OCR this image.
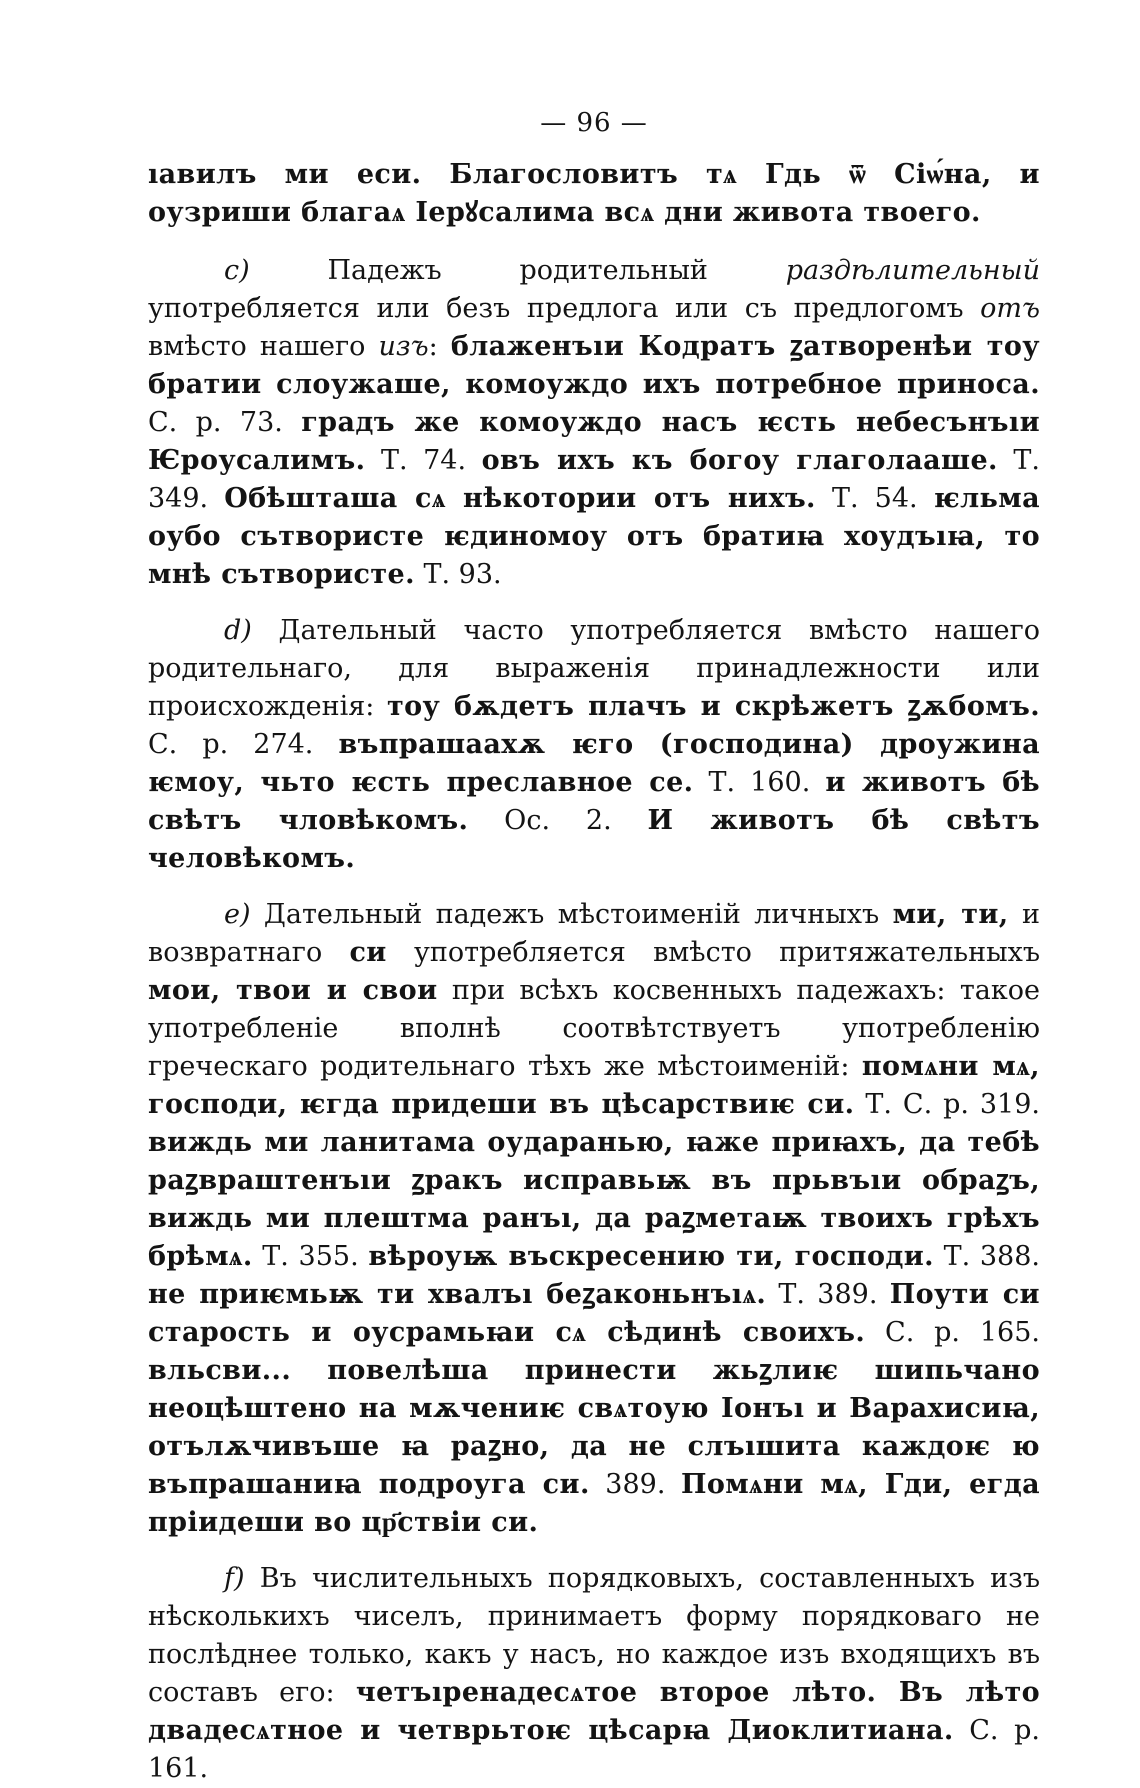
— 96 —

ıавилъ ми еси. Благословитъ тѧ Гдь ѿ Сіѡ́на, и оузриши благаѧ Іерꙋсалима всѧ дни живота твоего.

c) Падежъ родительный раздѣлительный употребляется или безъ предлога или съ предлогомъ отъ вмѣсто нашего изъ: блаженъıи Кодратъ ꙁатворенѣи тоу братии слоужаше, комоуждо ихъ потребное приноса. С. р. 73. градъ же комоуждо насъ ѥсть небесънъıи Ѥроусалимъ. Т. 74. овъ ихъ къ богоу глаголааше. Т. 349. Обѣшташа сѧ нѣкотории отъ нихъ. Т. 54. ѥльма оубо сътвористе ѥдиномоу отъ братиꙗ хоудъıꙗ, то мнѣ сътвористе. Т. 93.

d) Дательный часто употребляется вмѣсто нашего родительнаго, для выраженія принадлежности или происхожденія: тоу бѫдетъ плачъ и скрѣжетъ ꙁѫбомъ. С. р. 274. въпрашаахѫ ѥго (господина) дроужина ѥмоу, чьто ѥсть преславное се. Т. 160. и животъ бѣ свѣтъ чловѣкомъ. Ос. 2. И животъ бѣ свѣтъ человѣкомъ.

e) Дательный падежъ мѣстоименій личныхъ ми, ти, и возвратнаго си употребляется вмѣсто притяжательныхъ мои, твои и свои при всѣхъ косвенныхъ падежахъ: такое употребленіе вполнѣ соотвѣтствуетъ употребленію греческаго родительнаго тѣхъ же мѣстоименій: помѧни мѧ, господи, ѥгда придеши въ цѣсарствиѥ си. Т. С. р. 319. виждь ми ланитама оударанью, ꙗже приꙗхъ, да тебѣ раꙁвраштенъıи ꙁракъ исправьѭ въ прьвъıи обраꙁъ, виждь ми плештма ранъı, да раꙁметаѭ твоихъ грѣхъ брѣмѧ. Т. 355. вѣроуѭ въскресению ти, господи. Т. 388. не приѥмьѭ ти хвалъı беꙁаконьнъıѧ. Т. 389. Поути си старость и оусрамьꙗи сѧ сѣдинѣ своихъ. С. р. 165. вльсви... повелѣша принести жьꙁлиѥ шипьчано неоцѣштено на мѫчениѥ свѧтоую Іонъı и Варахисиꙗ, отълѫчивъше ꙗ раꙁно, да не слъıшита каждоѥ ю въпрашаниꙗ подроуга си. 389. Помѧни мѧ, Гди, егда пріидеши во цр҃ствіи си.

f) Въ числительныхъ порядковыхъ, составленныхъ изъ нѣсколькихъ чиселъ, принимаетъ форму порядковаго не послѣднее только, какъ у насъ, но каждое изъ входящихъ въ составъ его: четъıренадесѧтое второе лѣто. Въ лѣто двадесѧтное и четврьтоѥ цѣсарꙗ Диоклитиана. С. р. 161.
